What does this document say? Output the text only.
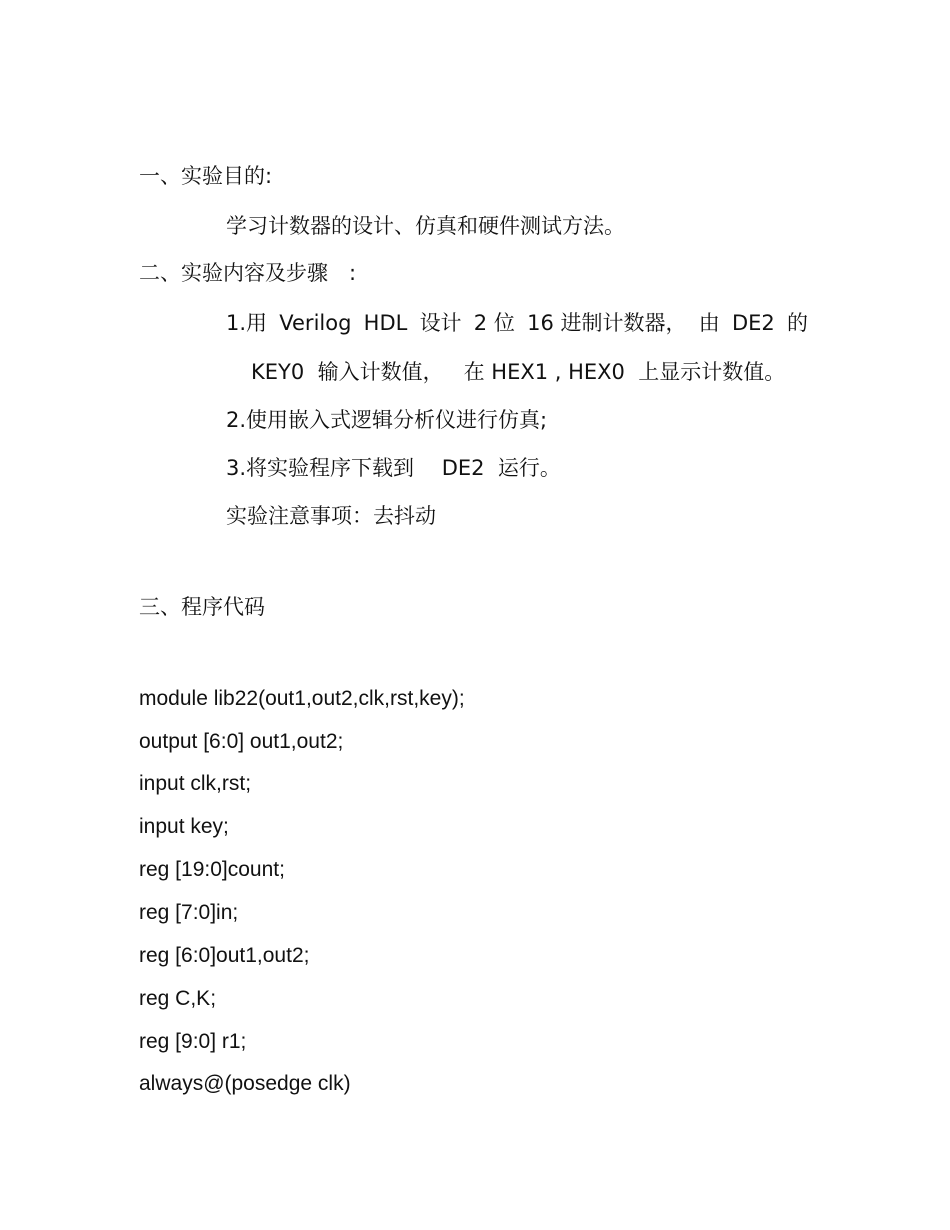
一、实验目的:
学习计数器的设计、仿真和硬件测试方法。
二、实验内容及步骤　:
1.用 Verilog HDL 设计 2 位 16 进制计数器， 由 DE2 的
KEY0  输入计数值，   在 HEX1 , HEX0  上显示计数值。
2.使用嵌入式逻辑分析仪进行仿真;
3.将实验程序下载到　 DE2  运行。
实验注意事项：去抖动
三、程序代码
module lib22(out1,out2,clk,rst,key);
output [6:0] out1,out2;
input clk,rst;
input key;
reg [19:0]count;
reg [7:0]in;
reg [6:0]out1,out2;
reg C,K;
reg [9:0] r1;
always@(posedge clk)
